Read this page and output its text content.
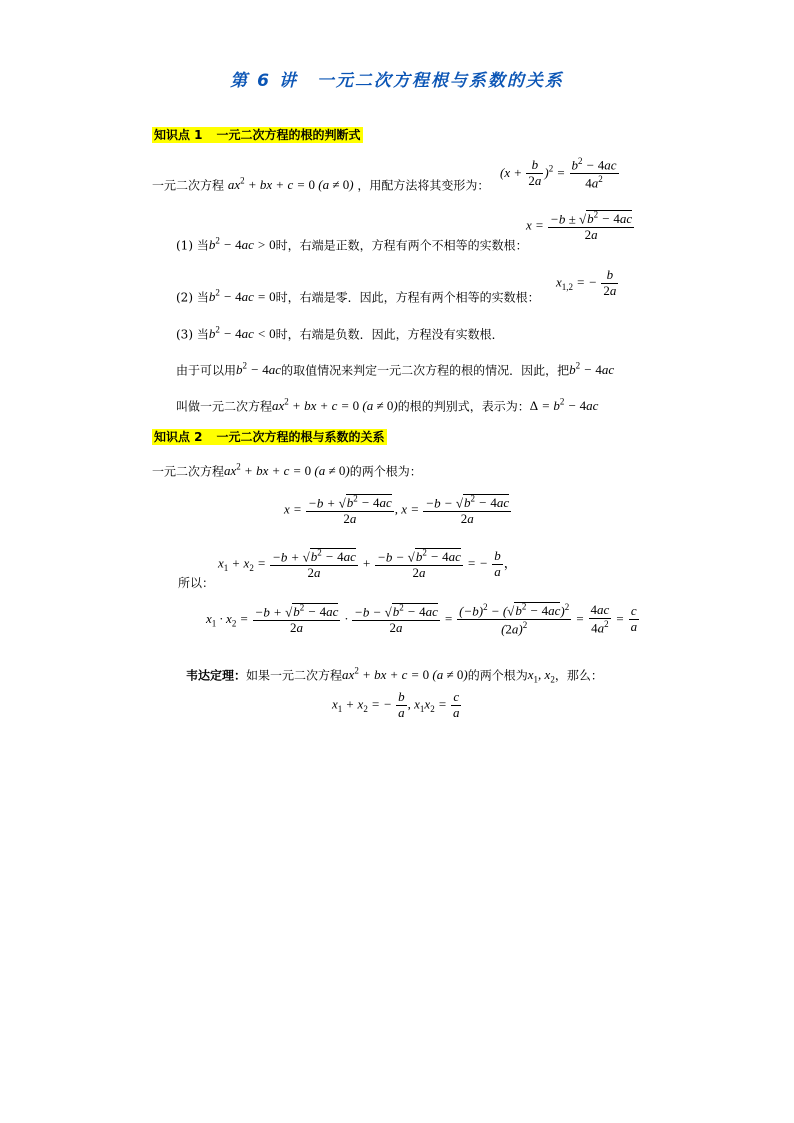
第 6 讲　一元二次方程根与系数的关系
知识点 1 一元二次方程的根的判断式
$(x + \frac{b}{2a} )^2 = \frac{b^2 - 4ac}{4a^2}$
一元二次方程 $ax^2$ + bx + c = 0 (a ≠ 0) ，用配方法将其变形为：
$x = \frac{-b \pm √b^2 - 4ac}{2a}$
(1) 当$b^2 - 4ac > 0$时，右端是正数，方程有两个不相等的实数根：
$x_{1,2}$ = − $\frac{b}{2a}$
(2) 当$b^2 - 4ac = 0$时，右端是零．因此，方程有两个相等的实数根：
(3) 当$b^2 - 4ac < 0$时，右端是负数．因此，方程没有实数根．
由于可以用$b^2 - 4ac$的取值情况来判定一元二次方程的根的情况．因此，把$b^2 - 4ac$
叫做一元二次方程$ax^2$ + bx + c = 0 (a ≠ 0)的根的判别式，表示为：$\Delta = b^2 - 4ac$
知识点 2 一元二次方程的根与系数的关系
一元二次方程$ax^2$ + bx + c = 0 (a ≠ 0)的两个根为：
$x = \frac{-b + √b^2 - 4ac}{2a}$ , $x = \frac{-b - √b^2 - 4ac}{2a}$
$x_1 + x_2 = \frac{-b + √b^2 - 4ac}{2a} + \frac{-b - √b^2 - 4ac}{2a}$ = − $\frac{b}{a}$ ，
所以：
$x_1 \cdot x_2 = \frac{-b + √b^2 - 4ac}{2a} \cdot \frac{-b - √b^2 - 4ac}{2a} = \frac{(-b)^2 - (√b^2 - 4ac)^2}{(2a)^2} = \frac{4ac}{4a^2} = \frac{c}{a}$
韦达定理：如果一元二次方程$ax^2$ + bx + c = 0 (a ≠ 0)的两个根为$x_1$, $x_2$，那么：
$x_1 + x_2$ = − $\frac{b}{a}$ , $x_1x_2 = \frac{c}{a}$
